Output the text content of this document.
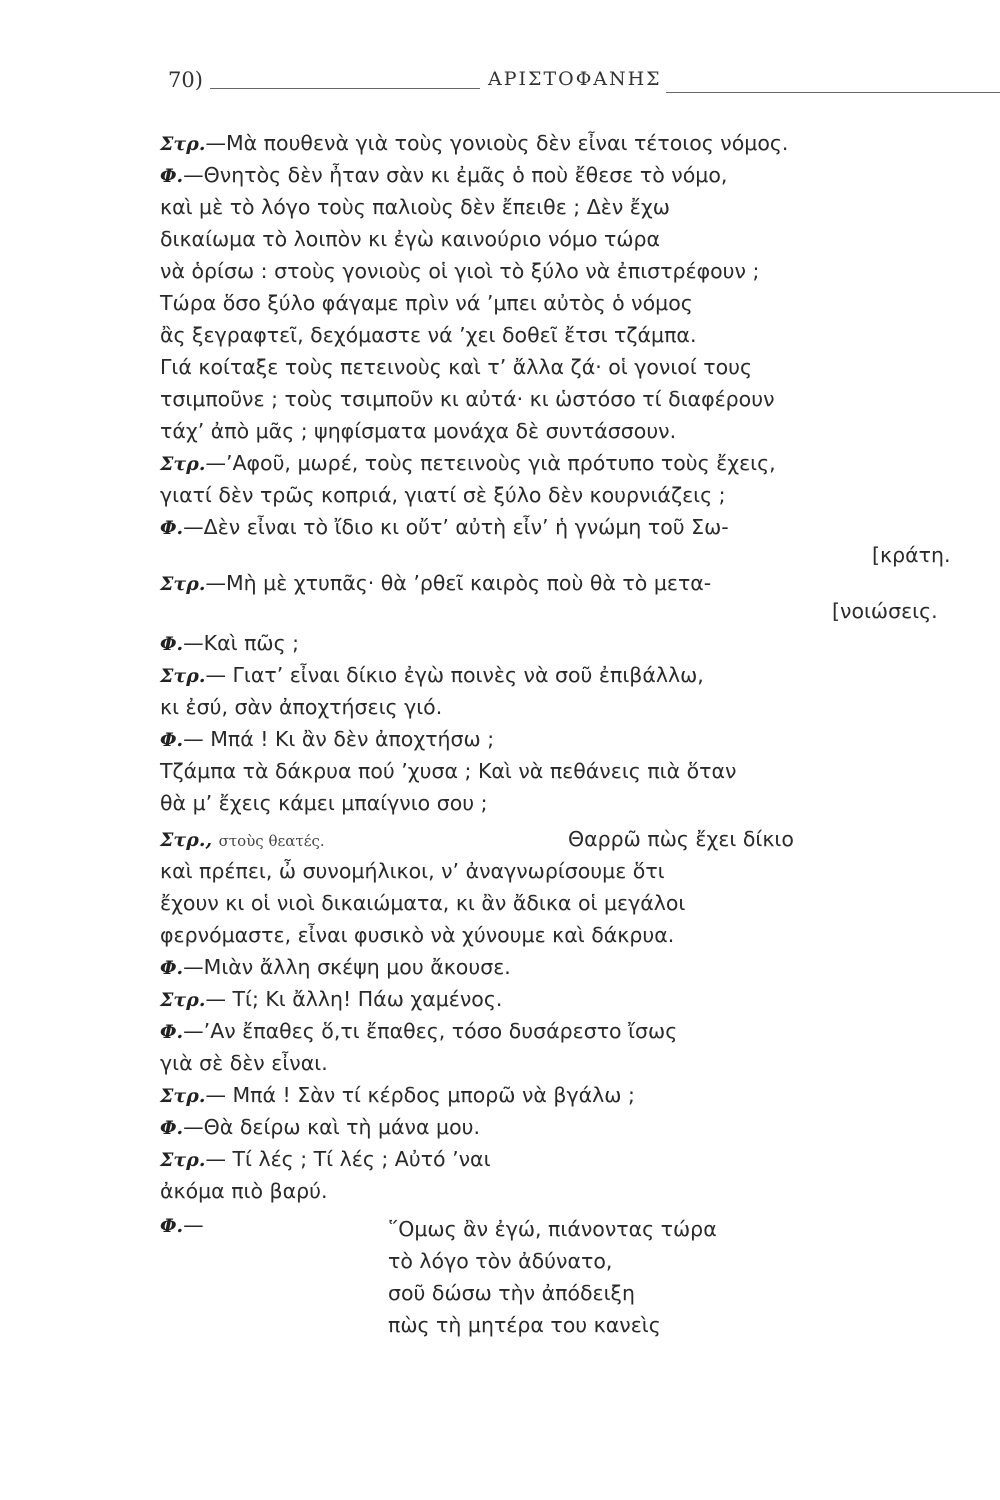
70)	ΑΡΙΣΤΟΦΑΝΗΣ
Στρ.—Μὰ πουθενὰ γιὰ τοὺς γονιοὺς δὲν εἶναι τέτοιος νόμος.
Φ.—Θνητὸς δὲν ἦταν σὰν κι ἐμᾶς ὁ ποὺ ἔθεσε τὸ νόμο,
καὶ μὲ τὸ λόγο τοὺς παλιοὺς δὲν ἔπειθε ; Δὲν ἔχω
δικαίωμα τὸ λοιπὸν κι ἐγὼ καινούριο νόμο τώρα
νὰ ὁρίσω : στοὺς γονιοὺς οἱ γιοὶ τὸ ξύλο νὰ ἐπιστρέφουν ;
Τώρα ὅσο ξύλο φάγαμε πρὶν νά ’μπει αὐτὸς ὁ νόμος
ἂς ξεγραφτεῖ, δεχόμαστε νά ’χει δοθεῖ ἔτσι τζάμπα.
Γιά κοίταξε τοὺς πετεινοὺς καὶ τ’ ἄλλα ζά· οἱ γονιοί τους
τσιμποῦνε ; τοὺς τσιμποῦν κι αὐτά· κι ὡστόσο τί διαφέρουν
τάχ’ ἀπὸ μᾶς ; ψηφίσματα μονάχα δὲ συντάσσουν.
Στρ.—’Αφοῦ, μωρέ, τοὺς πετεινοὺς γιὰ πρότυπο τοὺς ἔχεις,
γιατί δὲν τρῶς κοπριά, γιατί σὲ ξύλο δὲν κουρνιάζεις ;
Φ.—Δὲν εἶναι τὸ ἴδιο κι οὔτ’ αὐτὴ εἶν’ ἡ γνώμη τοῦ Σω-
[κράτη.
Στρ.—Μὴ μὲ χτυπᾶς· θὰ ’ρθεῖ καιρὸς ποὺ θὰ τὸ μετα-
[νοιώσεις.
Φ.—Καὶ πῶς ;
Στρ.— Γιατ’ εἶναι δίκιο ἐγὼ ποινὲς νὰ σοῦ ἐπιβάλλω,
κι ἐσύ, σὰν ἀποχτήσεις γιό.
Φ.— Μπά ! Κι ἂν δὲν ἀποχτήσω ;
Τζάμπα τὰ δάκρυα πού ’χυσα ; Καὶ νὰ πεθάνεις πιὰ ὅταν
θὰ μ’ ἔχεις κάμει μπαίγνιο σου ;
Στρ., στοὺς θεατές.	Θαρρῶ πὼς ἔχει δίκιο
καὶ πρέπει, ὦ συνομήλικοι, ν’ ἀναγνωρίσουμε ὅτι
ἔχουν κι οἱ νιοὶ δικαιώματα, κι ἂν ἄδικα οἱ μεγάλοι
φερνόμαστε, εἶναι φυσικὸ νὰ χύνουμε καὶ δάκρυα.
Φ.—Μιὰν ἄλλη σκέψη μου ἄκουσε.
Στρ.— Τί; Κι ἄλλη! Πάω χαμένος.
Φ.—’Αν ἔπαθες ὅ,τι ἔπαθες, τόσο δυσάρεστο ἴσως
γιὰ σὲ δὲν εἶναι.
Στρ.— Μπά ! Σὰν τί κέρδος μπορῶ νὰ βγάλω ;
Φ.—Θὰ δείρω καὶ τὴ μάνα μου.
Στρ.— Τί λές ; Τί λές ; Αὐτό ’ναι
ἀκόμα πιὸ βαρύ.
Φ.—	῞Ομως ἂν ἐγώ, πιάνοντας τώρα
τὸ λόγο τὸν ἀδύνατο,
σοῦ δώσω τὴν ἀπόδειξη
πὼς τὴ μητέρα του κανεὶς
